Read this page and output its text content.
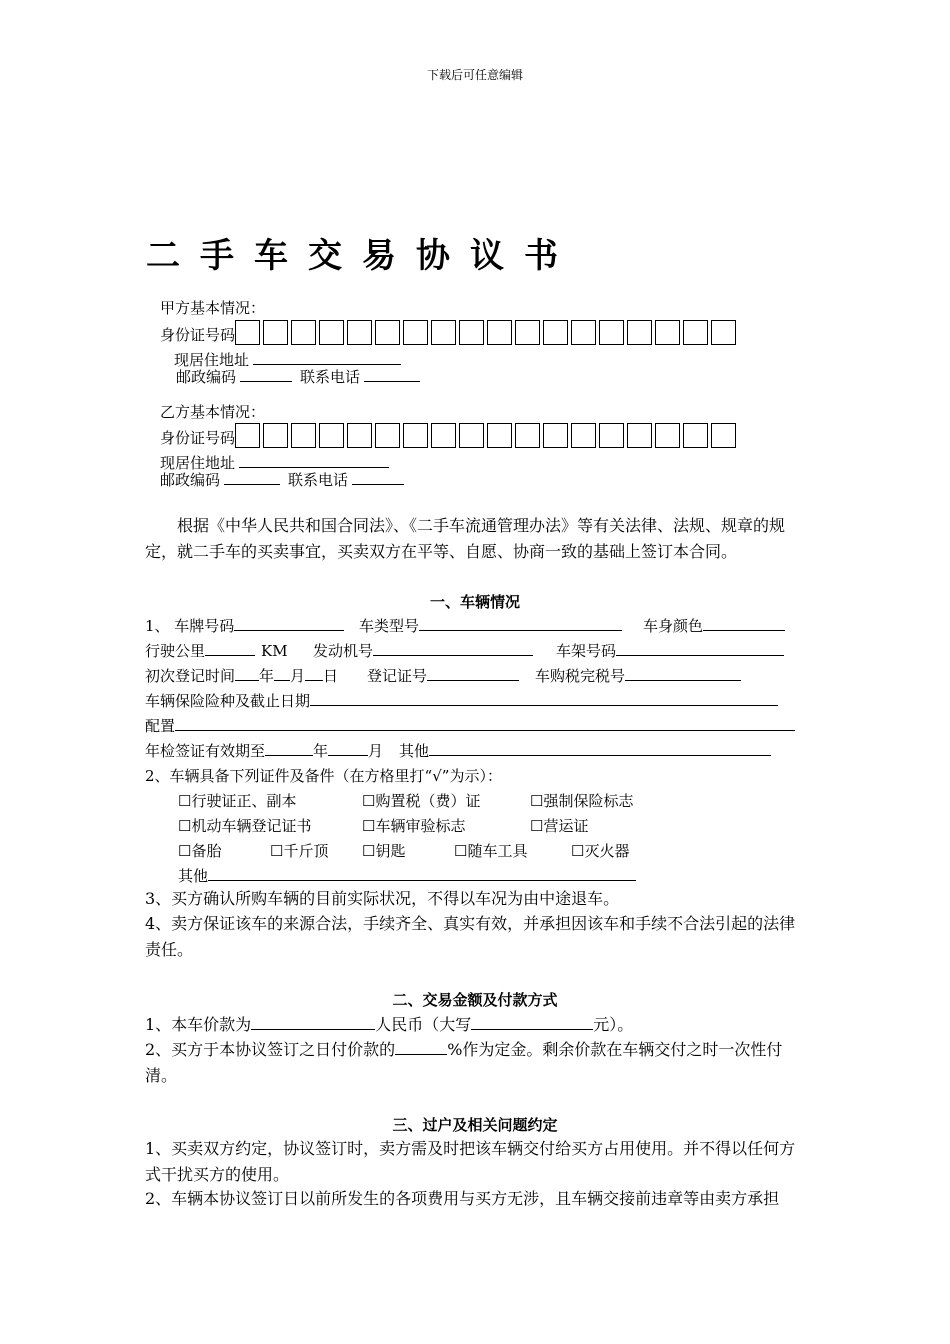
下载后可任意编辑
二手车交易协议书
甲方基本情况：
身份证号码
现居住地址
邮政编码	联系电话
乙方基本情况：
身份证号码
现居住地址
邮政编码	联系电话
根据《中华人民共和国合同法》、《二手车流通管理办法》等有关法律、法规、规章的规定，就二手车的买卖事宜，买卖双方在平等、自愿、协商一致的基础上签订本合同。
一、车辆情况
1、 车牌号码	车类型号	车身颜色
行驶公里	KM 发动机号	车架号码
初次登记时间 年 月 日 登记证号	车购税完税号
车辆保险险种及截止日期
配置
年检签证有效期至	年	月 其他
2、车辆具备下列证件及备件（在方格里打“√”为示）：
☐行驶证正、副本	☐购置税（费）证	☐强制保险标志
☐机动车辆登记证书	☐车辆审验标志	☐营运证
☐备胎	☐千斤顶 ☐钥匙	☐随车工具	☐灭火器
其他
3、买方确认所购车辆的目前实际状况，不得以车况为由中途退车。
4、卖方保证该车的来源合法，手续齐全、真实有效，并承担因该车和手续不合法引起的法律责任。
二、交易金额及付款方式
1、本车价款为	人民币（大写	元）。
2、买方于本协议签订之日付价款的	%作为定金。剩余价款在车辆交付之时一次性付清。
三、过户及相关问题约定
1、买卖双方约定，协议签订时，卖方需及时把该车辆交付给买方占用使用。并不得以任何方式干扰买方的使用。
2、车辆本协议签订日以前所发生的各项费用与买方无涉，且车辆交接前违章等由卖方承担
